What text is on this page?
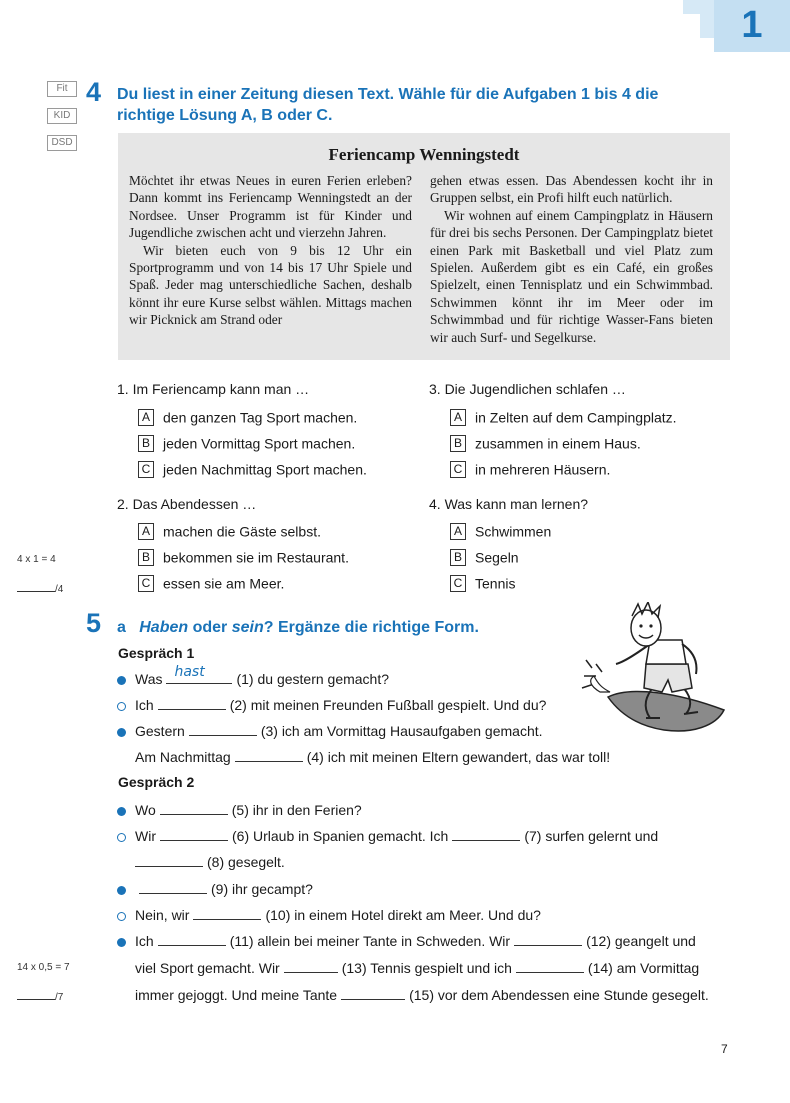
1
Fit
KID
DSD
4 Du liest in einer Zeitung diesen Text. Wähle für die Aufgaben 1 bis 4 die
richtige Lösung A, B oder C.
Feriencamp Wenningstedt

Möchtet ihr etwas Neues in euren Ferien erleben? Dann kommt ins Feriencamp Wenningstedt an der Nordsee. Unser Programm ist für Kinder und Jugendliche zwischen acht und vierzehn Jahren.

Wir bieten euch von 9 bis 12 Uhr ein Sportprogramm und von 14 bis 17 Uhr Spiele und Spaß. Jeder mag unterschiedliche Sachen, deshalb könnt ihr eure Kurse selbst wählen. Mittags machen wir Picknick am Strand oder

gehen etwas essen. Das Abendessen kocht ihr in Gruppen selbst, ein Profi hilft euch natürlich.

Wir wohnen auf einem Campingplatz in Häusern für drei bis sechs Personen. Der Campingplatz bietet einen Park mit Basketball und viel Platz zum Spielen. Außerdem gibt es ein Café, ein großes Spielzelt, einen Tennisplatz und ein Schwimmbad. Schwimmen könnt ihr im Meer oder im Schwimmbad und für richtige Wasser-Fans bieten wir auch Surf- und Segelkurse.

1. Im Feriencamp kann man …
A den ganzen Tag Sport machen.
B jeden Vormittag Sport machen.
C jeden Nachmittag Sport machen.
2. Das Abendessen …
A machen die Gäste selbst.
B bekommen sie im Restaurant.
C essen sie am Meer.
3. Die Jugendlichen schlafen …
A in Zelten auf dem Campingplatz.
B zusammen in einem Haus.
C in mehreren Häusern.
4. Was kann man lernen?
A Schwimmen
B Segeln
C Tennis
4 x 1 = 4
/4
5 a Haben oder sein? Ergänze die richtige Form.
Gespräch 1
Was hast (1) du gestern gemacht?
Ich	(2) mit meinen Freunden Fußball gespielt. Und du?
Gestern	(3) ich am Vormittag Hausaufgaben gemacht.
Am Nachmittag	(4) ich mit meinen Eltern gewandert, das war toll!
Gespräch 2
Wo	(5) ihr in den Ferien?
Wir	(6) Urlaub in Spanien gemacht. Ich	(7) surfen gelernt und
(8) gesegelt.
(9) ihr gecampt?
Nein, wir	(10) in einem Hotel direkt am Meer. Und du?
Ich	(11) allein bei meiner Tante in Schweden. Wir	(12) geangelt und
viel Sport gemacht. Wir	(13) Tennis gespielt und ich	(14) am Vormittag
immer gejoggt. Und meine Tante	(15) vor dem Abendessen eine Stunde gesegelt.
14 x 0,5 = 7
/7
7
